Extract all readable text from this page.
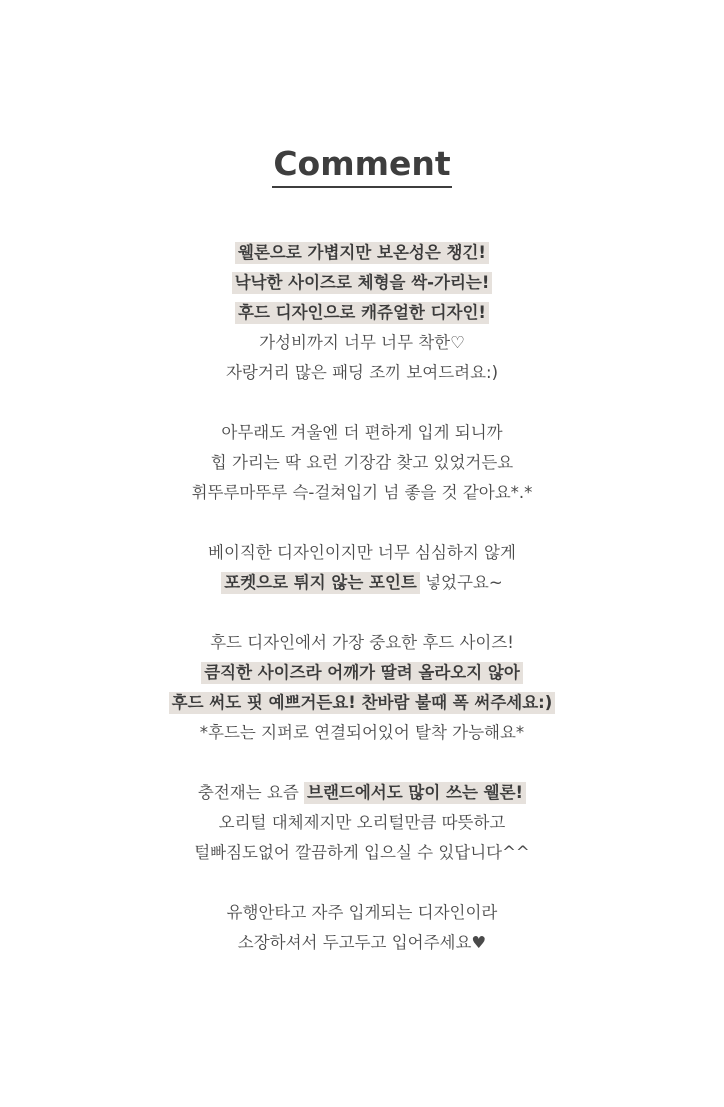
Comment
웰론으로 가볍지만 보온성은 챙긴!
낙낙한 사이즈로 체형을 싹-가리는!
후드 디자인으로 캐쥬얼한 디자인!
가성비까지 너무 너무 착한♡
자랑거리 많은 패딩 조끼 보여드려요:)
아무래도 겨울엔 더 편하게 입게 되니까
힙 가리는 딱 요런 기장감 찾고 있었거든요
휘뚜루마뚜루 슥-걸쳐입기 넘 좋을 것 같아요*.*
베이직한 디자인이지만 너무 심심하지 않게
포켓으로 튀지 않는 포인트 넣었구요~
후드 디자인에서 가장 중요한 후드 사이즈!
큼직한 사이즈라 어깨가 딸려 올라오지 않아
후드 써도 핏 예쁘거든요! 찬바람 불때 폭 써주세요:)
*후드는 지퍼로 연결되어있어 탈착 가능해요*
충전재는 요즘 브랜드에서도 많이 쓰는 웰론!
오리털 대체제지만 오리털만큼 따뜻하고
털빠짐도없어 깔끔하게 입으실 수 있답니다^^
유행안타고 자주 입게되는 디자인이라
소장하셔서 두고두고 입어주세요♥
